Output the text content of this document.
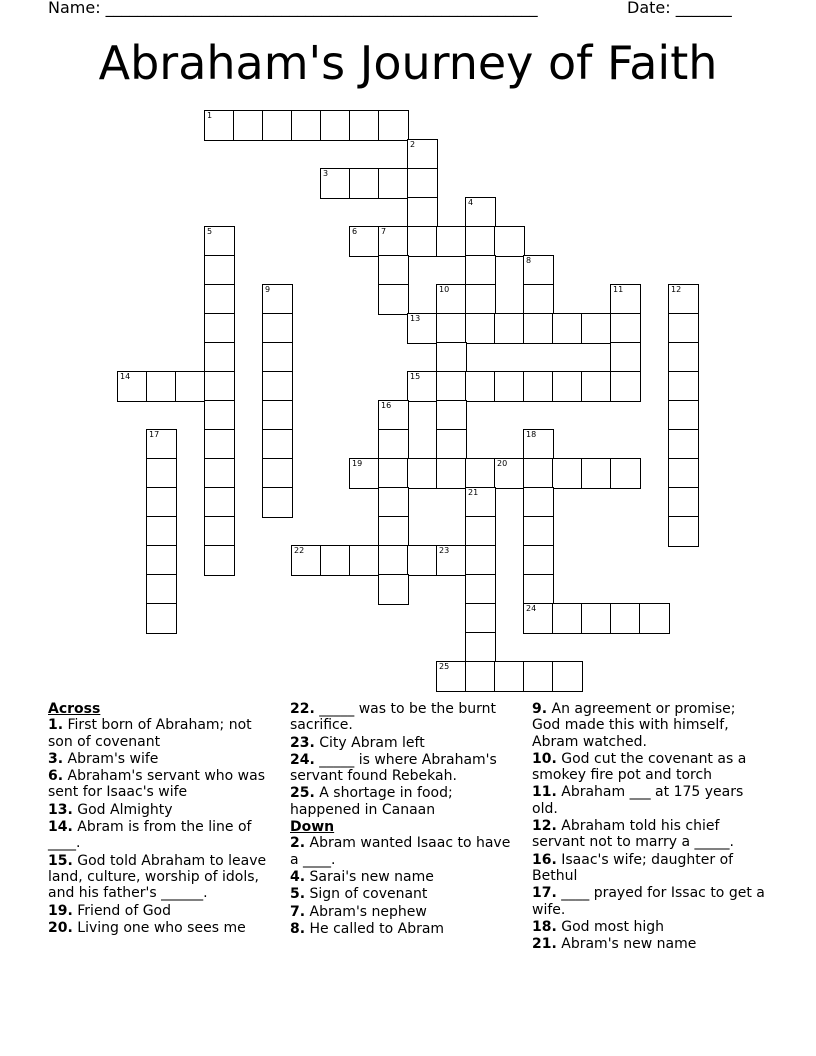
Name: ______________________________________________________	Date: _______
Abraham's Journey of Faith
1
2
3
4
5	6	7
8
9	10	11	12
13
14	15
16
17	18
19	20
21
22	23
24
25

Across

1. First born of Abraham; not son of covenant

3. Abram's wife

6. Abraham's servant who was sent for Isaac's wife

13. God Almighty

14. Abram is from the line of ____.

15. God told Abraham to leave land, culture, worship of idols, and his father's ______.

19. Friend of God

20. Living one who sees me

22. _____ was to be the burnt sacrifice.

23. City Abram left

24. _____ is where Abraham's servant found Rebekah.

25. A shortage in food; happened in Canaan

Down

2. Abram wanted Isaac to have a ____.

4. Sarai's new name

5. Sign of covenant

7. Abram's nephew

8. He called to Abram

9. An agreement or promise; God made this with himself, Abram watched.

10. God cut the covenant as a smokey fire pot and torch

11. Abraham ___ at 175 years old.

12. Abraham told his chief servant not to marry a _____.

16. Isaac's wife; daughter of Bethul

17. ____ prayed for Issac to get a wife.

18. God most high

21. Abram's new name
